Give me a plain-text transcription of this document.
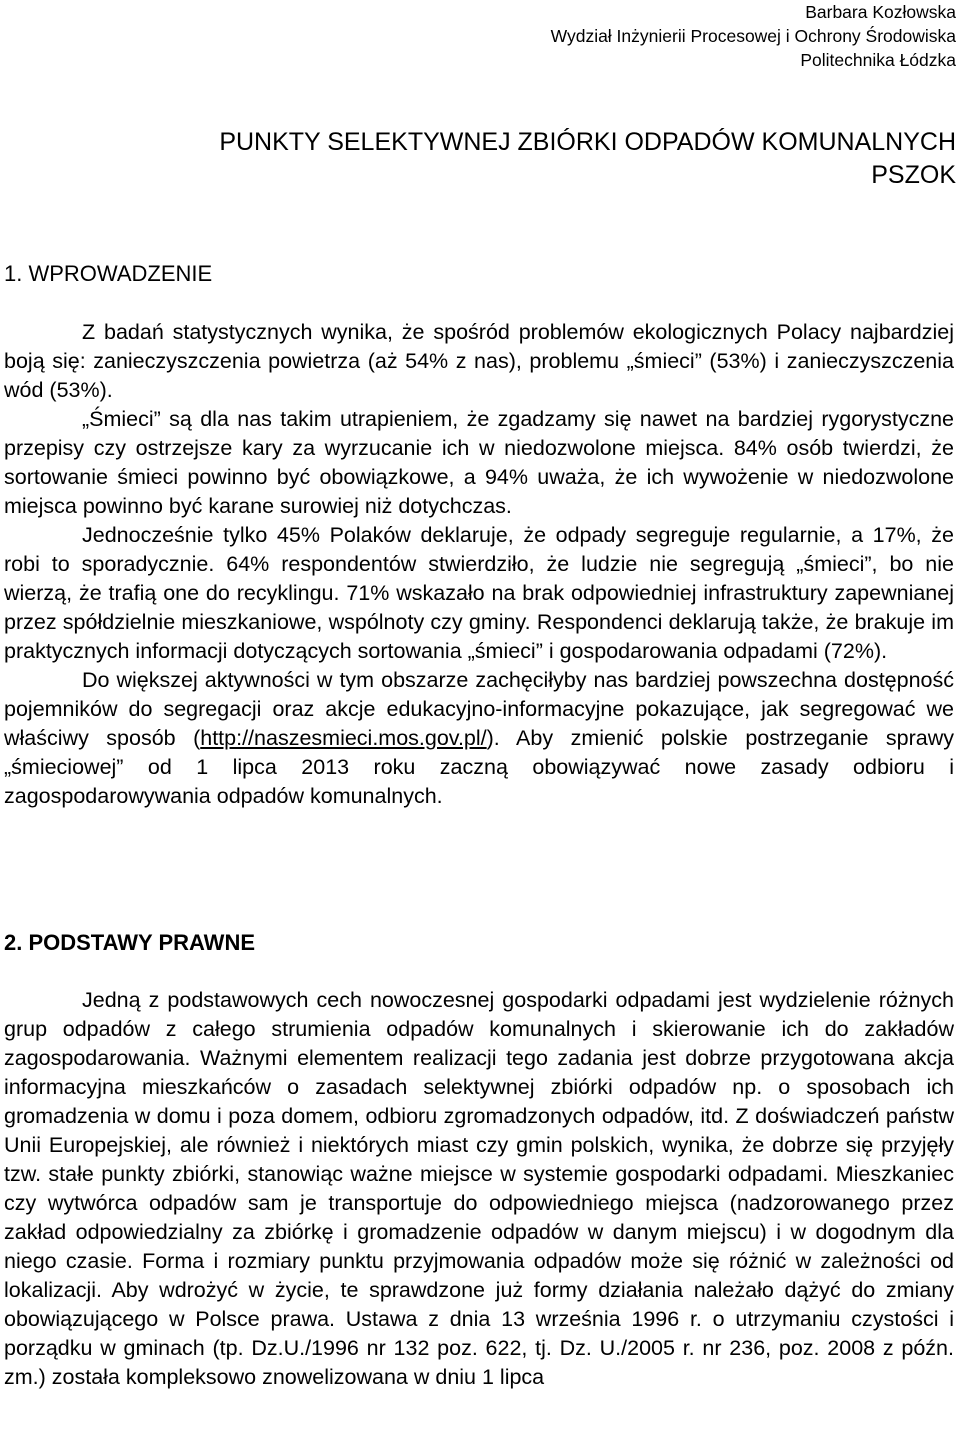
Barbara Kozłowska
Wydział Inżynierii Procesowej i Ochrony Środowiska
Politechnika Łódzka
PUNKTY SELEKTYWNEJ ZBIÓRKI ODPADÓW KOMUNALNYCH
PSZOK
1. WPROWADZENIE

Z badań statystycznych wynika, że spośród problemów ekologicznych Polacy najbardziej boją się: zanieczyszczenia powietrza (aż 54% z nas), problemu „śmieci” (53%) i zanieczyszczenia wód (53%).

„Śmieci” są dla nas takim utrapieniem, że zgadzamy się nawet na bardziej rygorystyczne przepisy czy ostrzejsze kary za wyrzucanie ich w niedozwolone miejsca. 84% osób twierdzi, że sortowanie śmieci powinno być obowiązkowe, a 94% uważa, że ich wywożenie w niedozwolone miejsca powinno być karane surowiej niż dotychczas.

Jednocześnie tylko 45% Polaków deklaruje, że odpady segreguje regularnie, a 17%, że robi to sporadycznie. 64% respondentów stwierdziło, że ludzie nie segregują „śmieci”, bo nie wierzą, że trafią one do recyklingu. 71% wskazało na brak odpowiedniej infrastruktury zapewnianej przez spółdzielnie mieszkaniowe, wspólnoty czy gminy. Respondenci deklarują także, że brakuje im praktycznych informacji dotyczących sortowania „śmieci” i gospodarowania odpadami (72%).

Do większej aktywności w tym obszarze zachęciłyby nas bardziej powszechna dostępność pojemników do segregacji oraz akcje edukacyjno-informacyjne pokazujące, jak segregować we właściwy sposób (http://naszesmieci.mos.gov.pl/). Aby zmienić polskie postrzeganie sprawy „śmieciowej” od 1 lipca 2013 roku zaczną obowiązywać nowe zasady odbioru i zagospodarowywania odpadów komunalnych.

2. PODSTAWY PRAWNE

Jedną z podstawowych cech nowoczesnej gospodarki odpadami jest wydzielenie różnych grup odpadów z całego strumienia odpadów komunalnych i skierowanie ich do zakładów zagospodarowania. Ważnymi elementem realizacji tego zadania jest dobrze przygotowana akcja informacyjna mieszkańców o zasadach selektywnej zbiórki odpadów np. o sposobach ich gromadzenia w domu i poza domem, odbioru zgromadzonych odpadów, itd. Z doświadczeń państw Unii Europejskiej, ale również i niektórych miast czy gmin polskich, wynika, że dobrze się przyjęły tzw. stałe punkty zbiórki, stanowiąc ważne miejsce w systemie gospodarki odpadami. Mieszkaniec czy wytwórca odpadów sam je transportuje do odpowiedniego miejsca (nadzorowanego przez zakład odpowiedzialny za zbiórkę i gromadzenie odpadów w danym miejscu) i w dogodnym dla niego czasie. Forma i rozmiary punktu przyjmowania odpadów może się różnić w zależności od lokalizacji. Aby wdrożyć w życie, te sprawdzone już formy działania należało dążyć do zmiany obowiązującego w Polsce prawa. Ustawa z dnia 13 września 1996 r. o utrzymaniu czystości i porządku w gminach (tp. Dz.U./1996 nr 132 poz. 622, tj. Dz. U./2005 r. nr 236, poz. 2008 z późn. zm.) została kompleksowo znowelizowana w dniu 1 lipca
